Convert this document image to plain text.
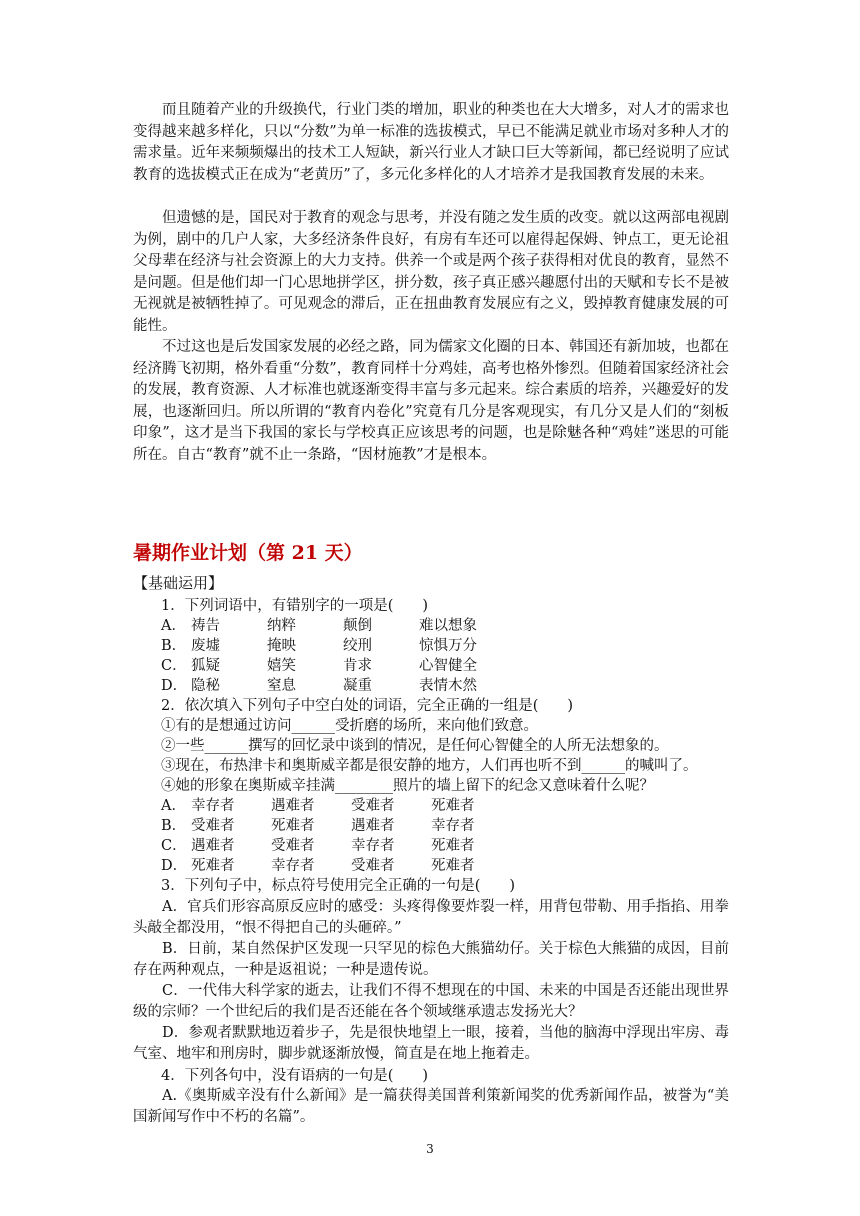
而且随着产业的升级换代，行业门类的增加，职业的种类也在大大增多，对人才的需求也变得越来越多样化，只以“分数”为单一标准的选拔模式，早已不能满足就业市场对多种人才的需求量。近年来频频爆出的技术工人短缺，新兴行业人才缺口巨大等新闻，都已经说明了应试教育的选拔模式正在成为“老黄历”了，多元化多样化的人才培养才是我国教育发展的未来。

但遗憾的是，国民对于教育的观念与思考，并没有随之发生质的改变。就以这两部电视剧为例，剧中的几户人家，大多经济条件良好，有房有车还可以雇得起保姆、钟点工，更无论祖父母辈在经济与社会资源上的大力支持。供养一个或是两个孩子获得相对优良的教育，显然不是问题。但是他们却一门心思地拼学区，拼分数，孩子真正感兴趣愿付出的天赋和专长不是被无视就是被牺牲掉了。可见观念的滞后，正在扭曲教育发展应有之义，毁掉教育健康发展的可能性。

不过这也是后发国家发展的必经之路，同为儒家文化圈的日本、韩国还有新加坡，也都在经济腾飞初期，格外看重“分数”，教育同样十分鸡娃，高考也格外惨烈。但随着国家经济社会的发展，教育资源、人才标准也就逐渐变得丰富与多元起来。综合素质的培养，兴趣爱好的发展，也逐渐回归。所以所谓的“教育内卷化”究竟有几分是客观现实，有几分又是人们的“刻板印象”，这才是当下我国的家长与学校真正应该思考的问题，也是除魅各种“鸡娃”迷思的可能所在。自古“教育”就不止一条路，“因材施教”才是根本。

暑期作业计划（第 21 天）
【基础运用】
1．下列词语中，有错别字的一项是(　　)
A． 祷告	纳粹	颠倒	难以想象
B． 废墟	掩映	绞刑	惊惧万分
C． 狐疑	嬉笑	肯求	心智健全
D． 隐秘	窒息	凝重	表情木然
2．依次填入下列句子中空白处的词语，完全正确的一组是(　　)
①有的是想通过访问______受折磨的场所，来向他们致意。
②一些______撰写的回忆录中谈到的情况，是任何心智健全的人所无法想象的。
③现在，布热津卡和奥斯威辛都是很安静的地方，人们再也听不到______的喊叫了。
④她的形象在奥斯威辛挂满________照片的墙上留下的纪念又意味着什么呢？
A． 幸存者	遇难者	受难者	死难者
B． 受难者	死难者	遇难者	幸存者
C． 遇难者	受难者	幸存者	死难者
D． 死难者	幸存者	受难者	死难者
3．下列句子中，标点符号使用完全正确的一句是(　　)

A．官兵们形容高原反应时的感受：头疼得像要炸裂一样，用背包带勒、用手指掐、用拳头敲全都没用，“恨不得把自己的头砸碎。”

B．日前，某自然保护区发现一只罕见的棕色大熊猫幼仔。关于棕色大熊猫的成因，目前存在两种观点，一种是返祖说；一种是遗传说。

C．一代伟大科学家的逝去，让我们不得不想现在的中国、未来的中国是否还能出现世界级的宗师？一个世纪后的我们是否还能在各个领域继承遗志发扬光大？

D．参观者默默地迈着步子，先是很快地望上一眼，接着，当他的脑海中浮现出牢房、毒气室、地牢和刑房时，脚步就逐渐放慢，简直是在地上拖着走。

4．下列各句中，没有语病的一句是(　　)

A.《奥斯威辛没有什么新闻》是一篇获得美国普利策新闻奖的优秀新闻作品，被誉为“美国新闻写作中不朽的名篇”。

3
